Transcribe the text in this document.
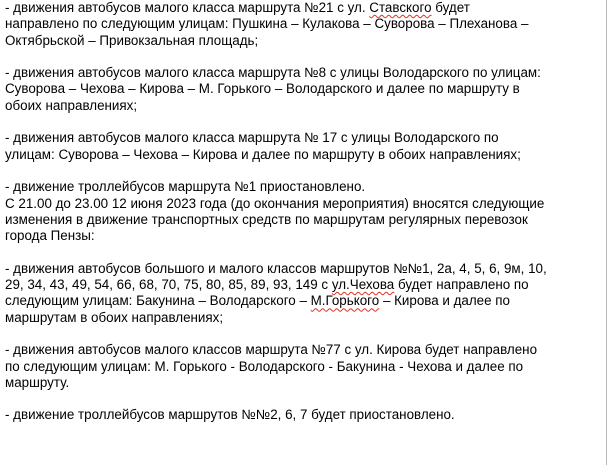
- движения автобусов малого класса маршрута №21 с ул. Ставского будет
направлено по следующим улицам: Пушкина – Кулакова – Суворова – Плеханова –
Октябрьской – Привокзальная площадь;

- движения автобусов малого класса маршрута №8 с улицы Володарского по улицам:
Суворова – Чехова – Кирова – М. Горького – Володарского и далее по маршруту в
обоих направлениях;

- движения автобусов малого класса маршрута № 17 с улицы Володарского по
улицам: Суворова – Чехова – Кирова и далее по маршруту в обоих направлениях;

- движение троллейбусов маршрута №1 приостановлено.
С 21.00 до 23.00 12 июня 2023 года (до окончания мероприятия) вносятся следующие
изменения в движение транспортных средств по маршрутам регулярных перевозок
города Пензы:

- движения автобусов большого и малого классов маршрутов №№1, 2а, 4, 5, 6, 9м, 10,
29, 34, 43, 49, 54, 66, 68, 70, 75, 80, 85, 89, 93, 149 с ул.Чехова будет направлено по
следующим улицам: Бакунина – Володарского – М.Горького – Кирова и далее по
маршрутам в обоих направлениях;

- движения автобусов малого классов маршрута №77 с ул. Кирова будет направлено
по следующим улицам: М. Горького - Володарского - Бакунина - Чехова и далее по
маршруту.

- движение троллейбусов маршрутов №№2, 6, 7 будет приостановлено.
